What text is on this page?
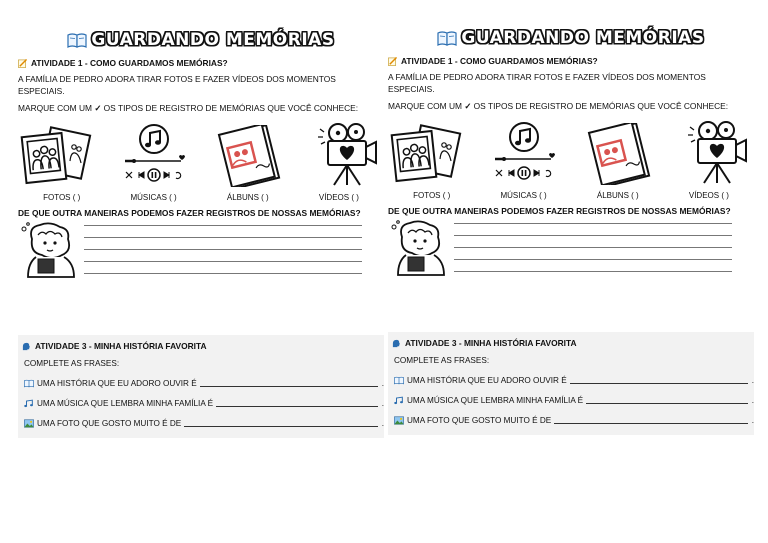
GUARDANDO MEMÓRIAS
ATIVIDADE 1 - COMO GUARDAMOS MEMÓRIAS?

A FAMÍLIA DE PEDRO ADORA TIRAR FOTOS E FAZER VÍDEOS DOS MOMENTOS ESPECIAIS.

MARQUE COM UM ✓ OS TIPOS DE REGISTRO DE MEMÓRIAS QUE VOCÊ CONHECE:

FOTOS ( )	MÚSICAS ( )	ÁLBUNS ( )	VÍDEOS ( )

DE QUE OUTRA MANEIRAS PODEMOS FAZER REGISTROS DE NOSSAS MEMÓRIAS?

ATIVIDADE 3 - MINHA HISTÓRIA FAVORITA
COMPLETE AS FRASES:
UMA HISTÓRIA QUE EU ADORO OUVIR É	.
UMA MÚSICA QUE LEMBRA MINHA FAMÍLIA É	.
UMA FOTO QUE GOSTO MUITO É DE	.
GUARDANDO MEMÓRIAS
ATIVIDADE 1 - COMO GUARDAMOS MEMÓRIAS?

A FAMÍLIA DE PEDRO ADORA TIRAR FOTOS E FAZER VÍDEOS DOS MOMENTOS ESPECIAIS.

MARQUE COM UM ✓ OS TIPOS DE REGISTRO DE MEMÓRIAS QUE VOCÊ CONHECE:

FOTOS ( )	MÚSICAS ( )	ÁLBUNS ( )	VÍDEOS ( )

DE QUE OUTRA MANEIRAS PODEMOS FAZER REGISTROS DE NOSSAS MEMÓRIAS?

ATIVIDADE 3 - MINHA HISTÓRIA FAVORITA
COMPLETE AS FRASES:
UMA HISTÓRIA QUE EU ADORO OUVIR É	.
UMA MÚSICA QUE LEMBRA MINHA FAMÍLIA É	.
UMA FOTO QUE GOSTO MUITO É DE	.
